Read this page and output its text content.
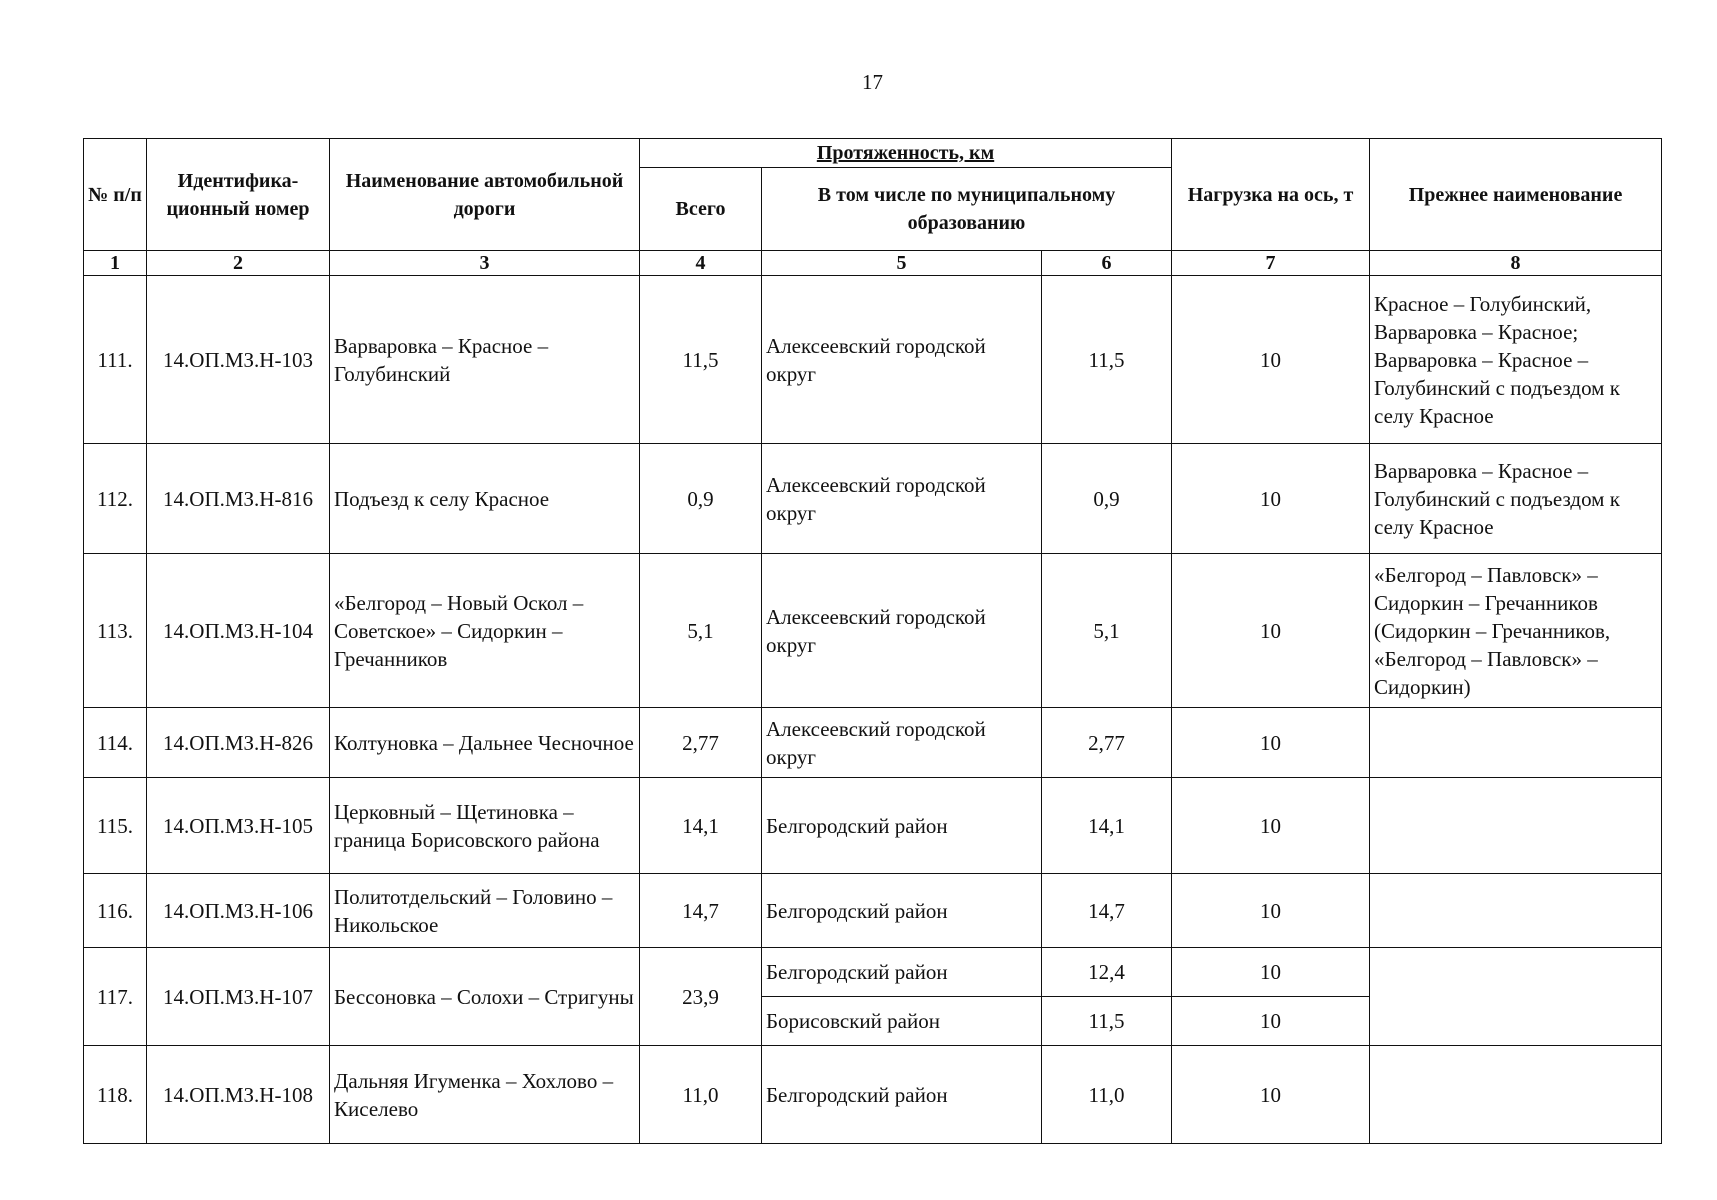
17
№ п/п	Идентифика- ционный номер	Наименование автомобильной дороги	Протяженность, км			Нагрузка на ось, т	Прежнее наименование
			Всего	В том числе по муниципальному образованию			
1	2	3	4	5	6	7	8
111.	14.ОП.МЗ.Н-103	Варваровка – Красное – Голубинский	11,5	Алексеевский городской округ	11,5	10	Красное – Голубинский, Варваровка – Красное; Варваровка – Красное – Голубинский с подъездом к селу Красное
112.	14.ОП.МЗ.Н-816	Подъезд к селу Красное	0,9	Алексеевский городской округ	0,9	10	Варваровка – Красное – Голубинский с подъездом к селу Красное
113.	14.ОП.МЗ.Н-104	«Белгород – Новый Оскол – Советское» – Сидоркин – Гречанников	5,1	Алексеевский городской округ	5,1	10	«Белгород – Павловск» – Сидоркин – Гречанников (Сидоркин – Гречанников, «Белгород – Павловск» – Сидоркин)
114.	14.ОП.МЗ.Н-826	Колтуновка – Дальнее Чесночное	2,77	Алексеевский городской округ	2,77	10	
115.	14.ОП.МЗ.Н-105	Церковный – Щетиновка – граница Борисовского района	14,1	Белгородский район	14,1	10	
116.	14.ОП.МЗ.Н-106	Политотдельский – Головино – Никольское	14,7	Белгородский район	14,7	10	
117.	14.ОП.МЗ.Н-107	Бессоновка – Солохи – Стригуны	23,9	Белгородский район	12,4	10	
				Борисовский район	11,5	10	
118.	14.ОП.МЗ.Н-108	Дальняя Игуменка – Хохлово – Киселево	11,0	Белгородский район	11,0	10	
